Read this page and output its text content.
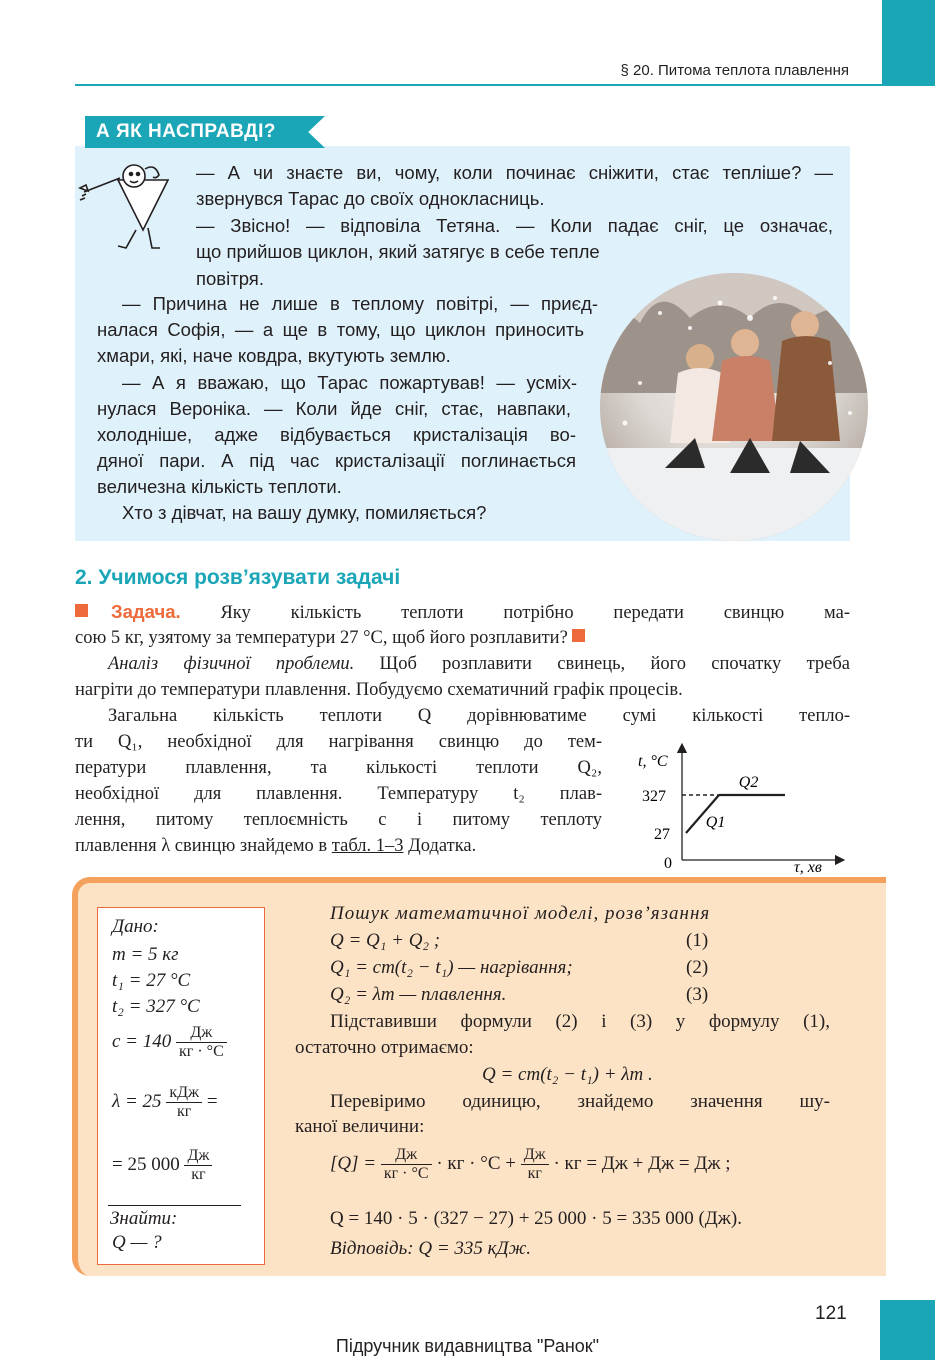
§ 20. Питома теплота плавлення
А ЯК НАСПРАВДІ?
— А чи знаєте ви, чому, коли починає сніжити, стає тепліше? —
звернувся Тарас до своїх однокласниць.
— Звісно! — відповіла Тетяна. — Коли падає сніг, це означає,
що прийшов циклон, який затягує в себе тепле
повітря.
— Причина не лише в теплому повітрі, — приєд-
налася Софія, — а ще в тому, що циклон приносить
хмари, які, наче ковдра, вкутують землю.
— А я вважаю, що Тарас пожартував! — усміх-
нулася Вероніка. — Коли йде сніг, стає, навпаки,
холодніше, адже відбувається кристалізація во-
дяної пари. А під час кристалізації поглинається
величезна кількість теплоти.
Хто з дівчат, на вашу думку, помиляється?
2. Учимося розв’язувати задачі
Задача. Яку кількість теплоти потрібно передати свинцю ма-
сою 5 кг, узятому за температури 27 °С, щоб його розплавити?
Аналіз фізичної проблеми. Щоб розплавити свинець, його спочатку треба
нагріти до температури плавлення. Побудуємо схематичний графік процесів.
Загальна кількість теплоти Q дорівнюватиме сумі кількості тепло-
ти Q₁, необхідної для нагрівання свинцю до тем-
ператури плавлення, та кількості теплоти Q₂,
необхідної для плавлення. Температуру t₂ плав-
лення, питому теплоємність c і питому теплоту
плавлення λ свинцю знайдемо в табл. 1–3 Додатка.
t, °C
327
27
0	τ, хв
Q1
Q2
Дано:
m = 5 кг
t₁ = 27 °C
t₂ = 327 °C
$c = 140 \frac{Дж}{кг \cdot ^\circ С}$
$\lambda = 25 \frac{\text{кДж}}{кг}$ =
= 25 $000 \frac{Дж}{кг}$
Знайти:
Q — ?
Пошук математичної моделі, розв’язання
Q = Q₁ + Q₂ ;	(1)
Q₁ = cm(t₂ − t₁) — нагрівання;	(2)
Q₂ = λm — плавлення.	(3)
Підставивши формули (2) і (3) у формулу (1),
остаточно отримаємо:
Q = cm(t₂ − t₁) + λm .
Перевіримо одиницю, знайдемо значення шу-
каної величини:
$[Q] = \frac{Дж}{кг \cdot ^\circ С}$ · кг · $^\circ С + \frac{Дж}{кг}$ · кг = Дж + Дж = Дж ;
Q = 140 · 5 · (327 − 27) + 25 000 · 5 = 335 000 (Дж).
Відповідь: Q = 335 кДж.
121
Підручник видавництва "Ранок"
